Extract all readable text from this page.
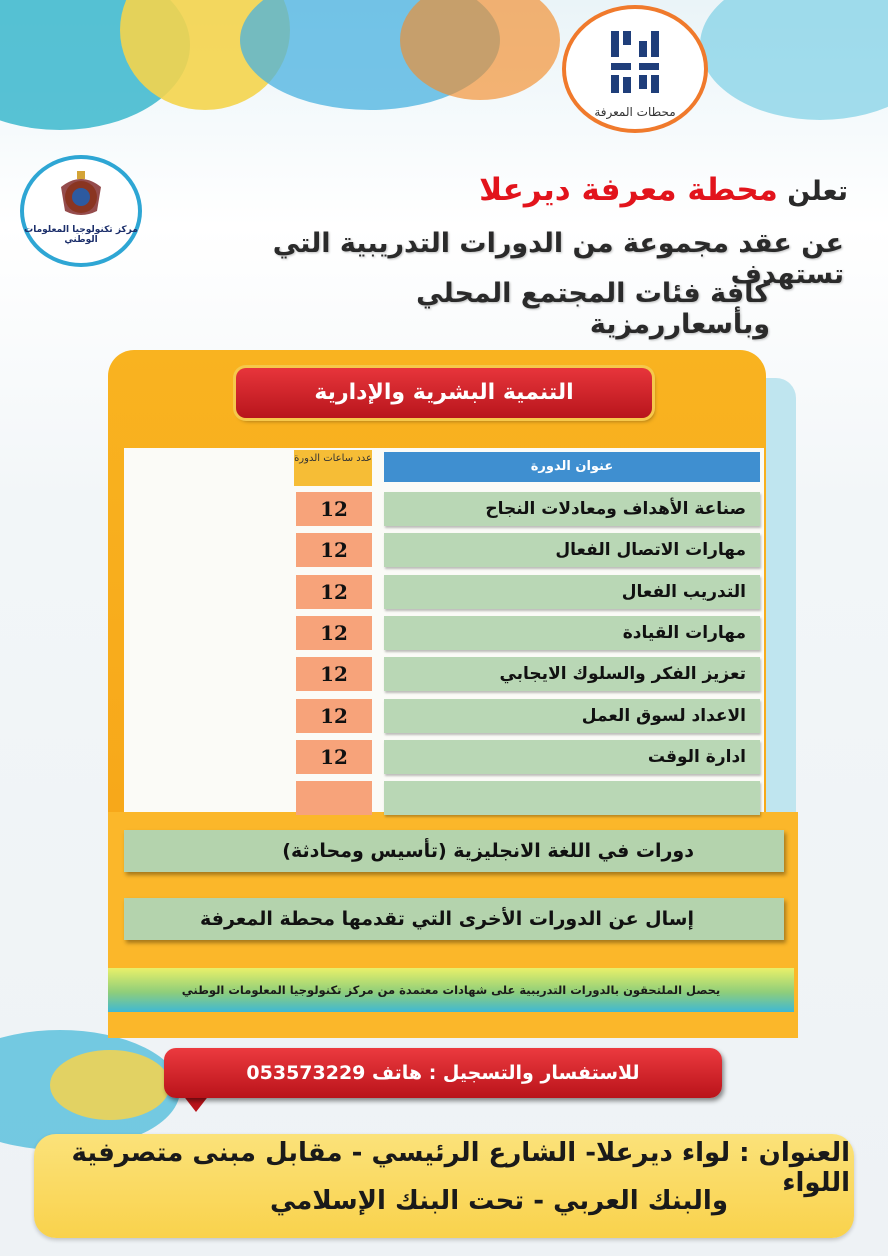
محطات المعرفة
مركز تكنولوجيا المعلومات الوطني
تعلن محطة معرفة ديرعلا
عن عقد مجموعة من الدورات التدريبية التي تستهدف
كافة فئات المجتمع المحلي وبأسعاررمزية
التنمية البشرية والإدارية
عدد ساعات الدورة
عنوان الدورة
صناعة الأهداف ومعادلات النجاح
12
مهارات الاتصال الفعال
12
التدريب الفعال
12
مهارات القيادة
12
تعزيز الفكر والسلوك الايجابي
12
الاعداد لسوق العمل
12
ادارة الوقت
12
دورات في اللغة الانجليزية (تأسيس ومحادثة)
إسال عن الدورات الأخرى التي تقدمها محطة المعرفة
يحصل الملتحقون بالدورات التدريبية على شهادات معتمدة من مركز تكنولوجيا المعلومات الوطني
للاستفسار والتسجيل : هاتف 053573229
العنوان : لواء ديرعلا- الشارع الرئيسي - مقابل مبنى متصرفية اللواء
والبنك العربي - تحت البنك الإسلامي
